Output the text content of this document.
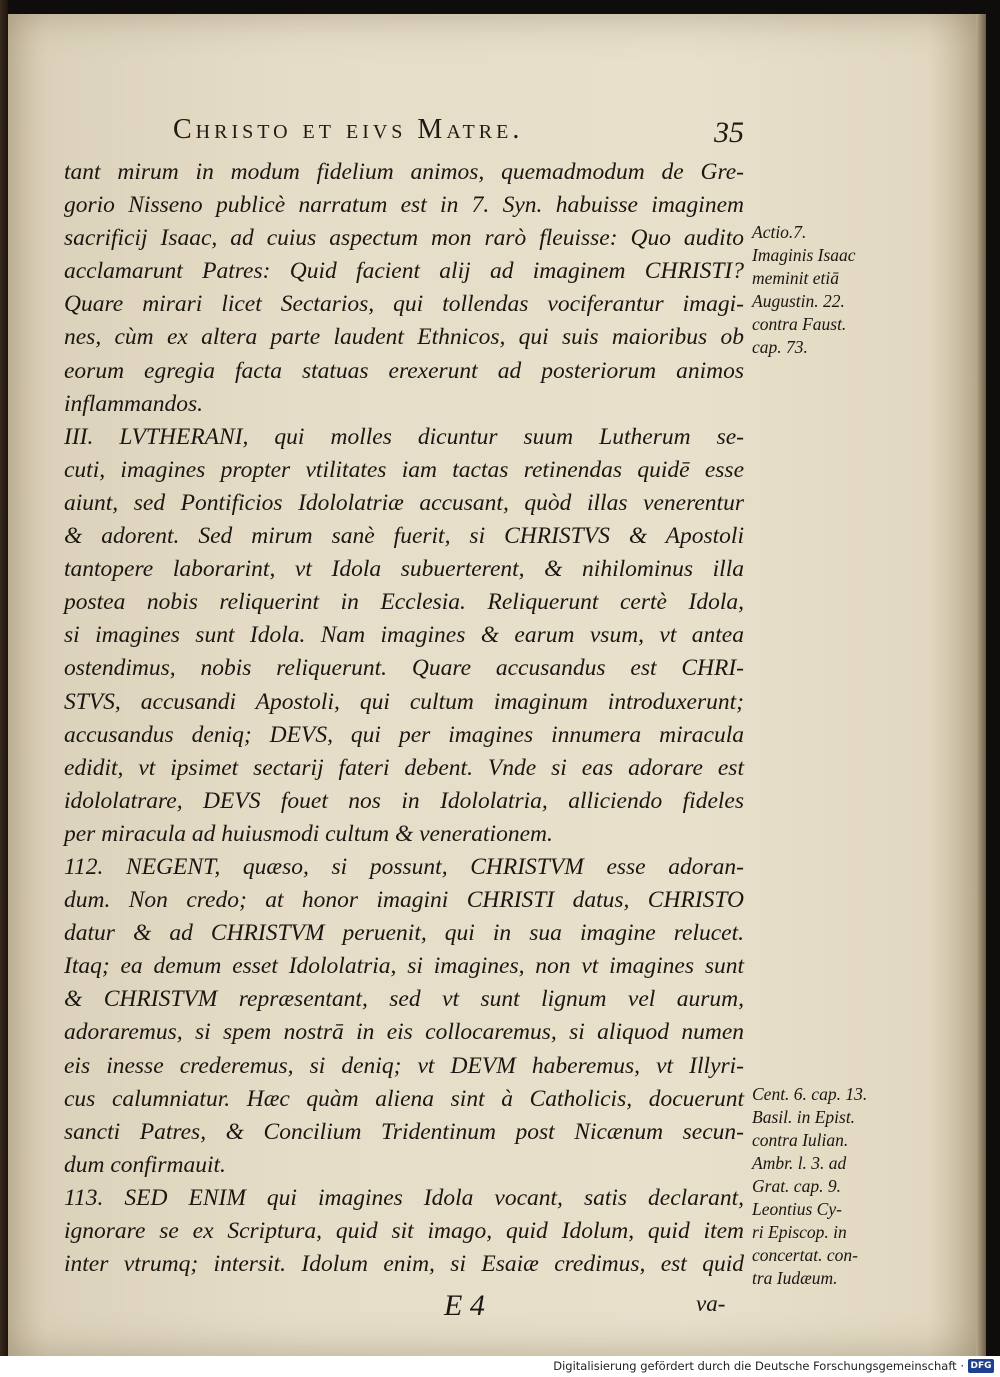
Christo et eivs Matre.	35
tant mirum in modum fidelium animos, quemadmodum de Gre-
gorio Nisseno publicè narratum est in 7. Syn. habuisse imaginem
sacrificij Isaac, ad cuius aspectum mon rarò fleuisse: Quo audito
acclamarunt Patres: Quid facient alij ad imaginem CHRISTI?
Quare mirari licet Sectarios, qui tollendas vociferantur imagi-
nes, cùm ex altera parte laudent Ethnicos, qui suis maioribus ob
eorum egregia facta statuas erexerunt ad posteriorum animos
inflammandos.
III. LVTHERANI, qui molles dicuntur suum Lutherum se-
cuti, imagines propter vtilitates iam tactas retinendas quidē esse
aiunt, sed Pontificios Idololatriæ accusant, quòd illas venerentur
& adorent. Sed mirum sanè fuerit, si CHRISTVS & Apostoli
tantopere laborarint, vt Idola subuerterent, & nihilominus illa
postea nobis reliquerint in Ecclesia. Reliquerunt certè Idola,
si imagines sunt Idola. Nam imagines & earum vsum, vt antea
ostendimus, nobis reliquerunt. Quare accusandus est CHRI-
STVS, accusandi Apostoli, qui cultum imaginum introduxerunt;
accusandus deniq; DEVS, qui per imagines innumera miracula
edidit, vt ipsimet sectarij fateri debent. Vnde si eas adorare est
idololatrare, DEVS fouet nos in Idololatria, alliciendo fideles
per miracula ad huiusmodi cultum & venerationem.
112. NEGENT, quæso, si possunt, CHRISTVM esse adoran-
dum. Non credo; at honor imagini CHRISTI datus, CHRISTO
datur & ad CHRISTVM peruenit, qui in sua imagine relucet.
Itaq; ea demum esset Idololatria, si imagines, non vt imagines sunt
& CHRISTVM repræsentant, sed vt sunt lignum vel aurum,
adoraremus, si spem nostrā in eis collocaremus, si aliquod numen
eis inesse crederemus, si deniq; vt DEVM haberemus, vt Illyri-
cus calumniatur. Hæc quàm aliena sint à Catholicis, docuerunt
sancti Patres, & Concilium Tridentinum post Nicænum secun-
dum confirmauit.
113. SED ENIM qui imagines Idola vocant, satis declarant,
ignorare se ex Scriptura, quid sit imago, quid Idolum, quid item
inter vtrumq; intersit. Idolum enim, si Esaiæ credimus, est quid
Actio.7.
Imaginis Isaac
meminit etiā
Augustin. 22.
contra Faust.
cap. 73.
Cent. 6. cap. 13.
Basil. in Epist.
contra Iulian.
Ambr. l. 3. ad
Grat. cap. 9.
Leontius Cy-
ri Episcop. in
concertat. con-
tra Iudæum.
E 4	va-
Digitalisierung gefördert durch die Deutsche Forschungsgemeinschaft · DFG
